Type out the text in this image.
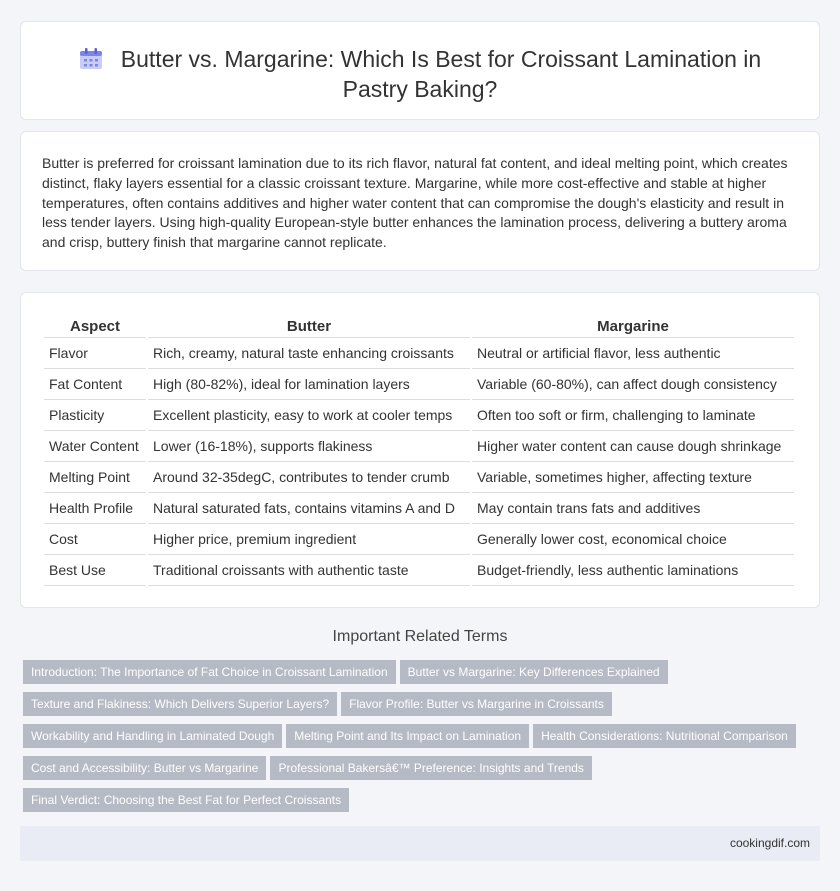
Butter vs. Margarine: Which Is Best for Croissant Lamination in Pastry Baking?

Butter is preferred for croissant lamination due to its rich flavor, natural fat content, and ideal melting point, which creates distinct, flaky layers essential for a classic croissant texture. Margarine, while more cost-effective and stable at higher temperatures, often contains additives and higher water content that can compromise the dough's elasticity and result in less tender layers. Using high-quality European-style butter enhances the lamination process, delivering a buttery aroma and crisp, buttery finish that margarine cannot replicate.

Aspect	Butter	Margarine
Flavor	Rich, creamy, natural taste enhancing croissants	Neutral or artificial flavor, less authentic
Fat Content	High (80-82%), ideal for lamination layers	Variable (60-80%), can affect dough consistency
Plasticity	Excellent plasticity, easy to work at cooler temps	Often too soft or firm, challenging to laminate
Water Content	Lower (16-18%), supports flakiness	Higher water content can cause dough shrinkage
Melting Point	Around 32-35degC, contributes to tender crumb	Variable, sometimes higher, affecting texture
Health Profile	Natural saturated fats, contains vitamins A and D	May contain trans fats and additives
Cost	Higher price, premium ingredient	Generally lower cost, economical choice
Best Use	Traditional croissants with authentic taste	Budget-friendly, less authentic laminations
Important Related Terms
Introduction: The Importance of Fat Choice in Croissant Lamination Butter vs Margarine: Key Differences Explained
Texture and Flakiness: Which Delivers Superior Layers? Flavor Profile: Butter vs Margarine in Croissants
Workability and Handling in Laminated Dough Melting Point and Its Impact on Lamination Health Considerations: Nutritional Comparison
Cost and Accessibility: Butter vs Margarine Professional Bakersâ€™ Preference: Insights and Trends
Final Verdict: Choosing the Best Fat for Perfect Croissants
cookingdif.com
